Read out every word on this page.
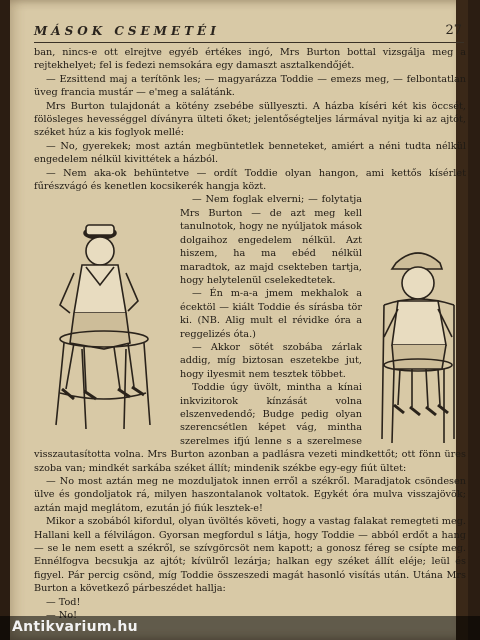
MÁSOK CSEMETÉI	27

ban, nincs-e ott elrejtve egyéb értékes ingó, Mrs Burton bottal vizsgálja meg a rejtekhelyet; fel is fedezi nemsokára egy damaszt asztalkendőjét.

— Ezsittend maj a terítönk les; — magyarázza Toddie — emezs meg, — felbontatlan üveg francia mustár — e'meg a salátánk.

Mrs Burton tulajdonát a kötény zsebébe süllyeszti. A házba kíséri két kis öccsét, fölösleges hevességgel díványra ülteti őket; jelentőségteljes lármával nyitja ki az ajtót, széket húz a kis foglyok mellé:

— No, gyerekek; most aztán megbüntetlek benneteket, amiért a néni tudta nélkül engedelem nélkül kivittétek a házból.

— Nem aka-ok behüntetve — ordít Toddie olyan hangon, ami kettős kísérlet fűrészvágó és kenetlen kocsikerék hangja közt.

— Nem foglak elverni; — folytatja Mrs Burton — de azt meg kell tanulnotok, hogy ne nyúljatok mások dolgaihoz engedelem nélkül. Azt hiszem, ha ma ebéd nélkül maradtok, az majd csekteben tartja, hogy helytelenül cselekedtetek.

— Én m-a-a jmem mekhalok a écektöl — kiált Toddie és sírásba tör ki. (NB. Alig mult el révidke óra a reggelizés óta.)

— Akkor sötét szobába zárlak addig, míg biztosan eszetekbe jut, hogy ilyesmit nem tesztek többet.

Toddie úgy üvölt, mintha a kínai inkvizitorok kínzását volna elszenvedendő; Budge pedig olyan szerencsétlen képet vág, mintha szerelmes ifjú lenne s a szerelmese visszautasította volna. Mrs Burton azonban a padlásra vezeti mindkettőt; ott fönn üres szoba van; mindkét sarkába széket állít; mindenik székbe egy-egy fiút ültet:

— No most aztán meg ne mozduljatok innen erről a székről. Maradjatok csöndesen ülve és gondoljatok rá, milyen haszontalanok voltatok. Egykét óra mulva visszajövök; aztán majd meglátom, ezután jó fiúk lesztek-e!

Mikor a szobából kifordul, olyan üvöltés követi, hogy a vastag falakat remegteti meg. Hallani kell a félvilágon. Gyorsan megfordul s látja, hogy Toddie — abból erdőt a hang — se le nem esett a székről, se szívgörcsöt nem kapott; a gonosz féreg se csípte meg. Ennélfogva becsukja az ajtót; kívülről lezárja; halkan egy széket állít eléje; leül és figyel. Pár percig csönd, míg Toddie összeszedi magát hasonló visítás után. Utána Mrs Burton a következő párbeszédet hallja:

— Tod!

Antikvarium.hu
